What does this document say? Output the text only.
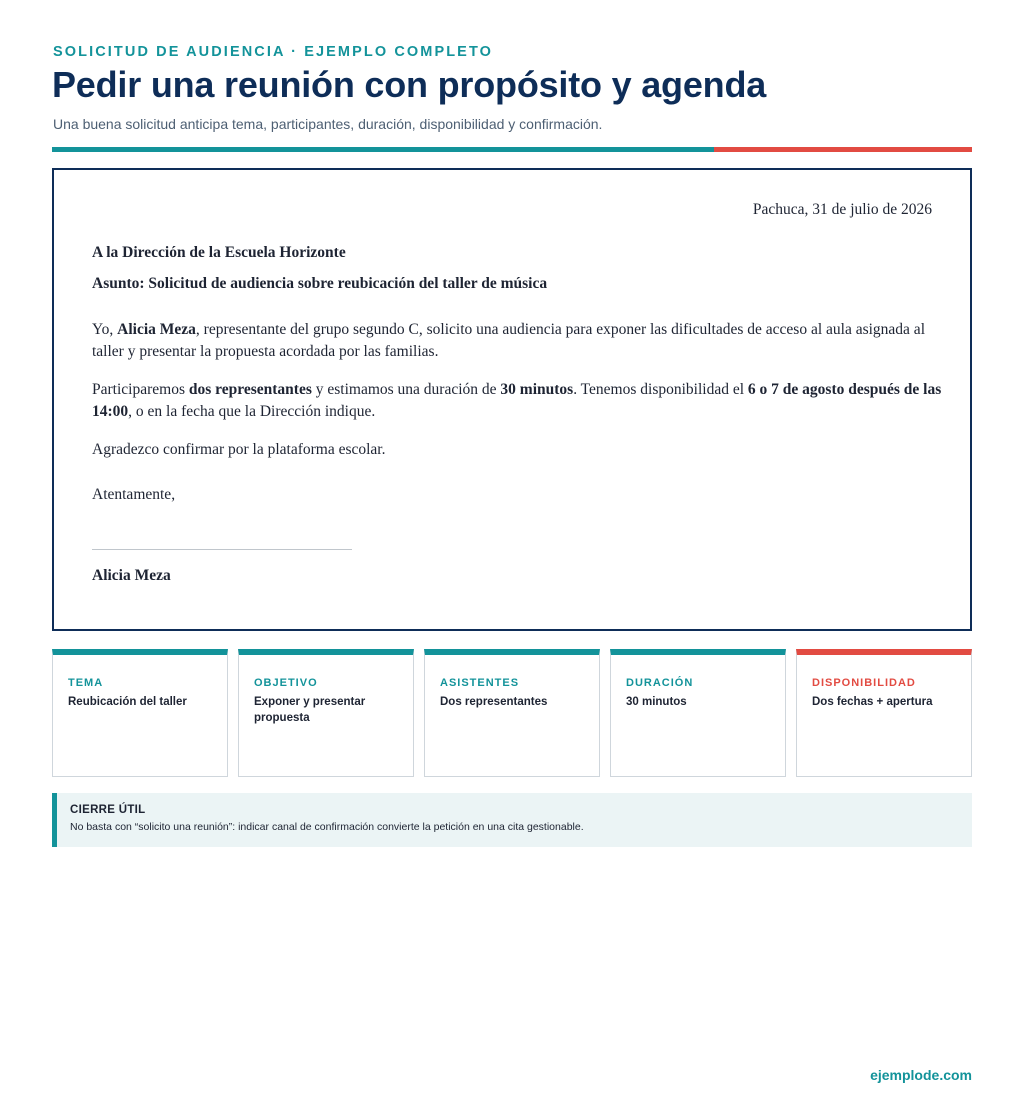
SOLICITUD DE AUDIENCIA · EJEMPLO COMPLETO
Pedir una reunión con propósito y agenda
Una buena solicitud anticipa tema, participantes, duración, disponibilidad y confirmación.
Pachuca, 31 de julio de 2026
A la Dirección de la Escuela Horizonte
Asunto: Solicitud de audiencia sobre reubicación del taller de música

Yo, Alicia Meza, representante del grupo segundo C, solicito una audiencia para exponer las dificultades de acceso al aula asignada al taller y presentar la propuesta acordada por las familias.

Participaremos dos representantes y estimamos una duración de 30 minutos. Tenemos disponibilidad el 6 o 7 de agosto después de las 14:00, o en la fecha que la Dirección indique.

Agradezco confirmar por la plataforma escolar.

Atentamente,
Alicia Meza
TEMA
Reubicación del taller
OBJETIVO
Exponer y presentar propuesta
ASISTENTES
Dos representantes
DURACIÓN
30 minutos
DISPONIBILIDAD
Dos fechas + apertura
CIERRE ÚTIL
No basta con “solicito una reunión”: indicar canal de confirmación convierte la petición en una cita gestionable.
ejemplode.com
